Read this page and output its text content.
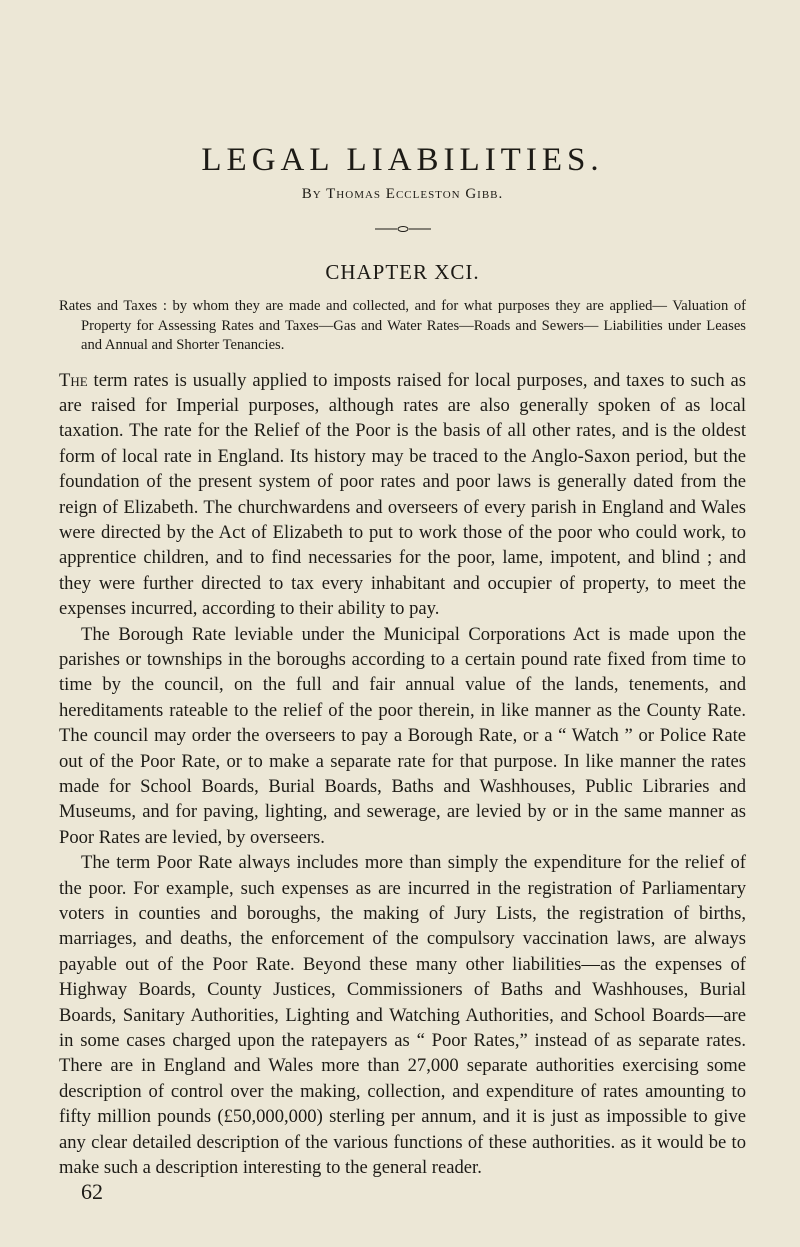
LEGAL LIABILITIES.
By Thomas Eccleston Gibb.
CHAPTER XCI.
Rates and Taxes : by whom they are made and collected, and for what purposes they are applied— Valuation of Property for Assessing Rates and Taxes—Gas and Water Rates—Roads and Sewers— Liabilities under Leases and Annual and Shorter Tenancies.

The term rates is usually applied to imposts raised for local purposes, and taxes to such as are raised for Imperial purposes, although rates are also generally spoken of as local taxation. The rate for the Relief of the Poor is the basis of all other rates, and is the oldest form of local rate in England. Its history may be traced to the Anglo-Saxon period, but the foundation of the present system of poor rates and poor laws is generally dated from the reign of Elizabeth. The churchwardens and overseers of every parish in England and Wales were directed by the Act of Elizabeth to put to work those of the poor who could work, to apprentice children, and to find necessaries for the poor, lame, impotent, and blind ; and they were further directed to tax every inhabitant and occupier of property, to meet the expenses incurred, according to their ability to pay.

The Borough Rate leviable under the Municipal Corporations Act is made upon the parishes or townships in the boroughs according to a certain pound rate fixed from time to time by the council, on the full and fair annual value of the lands, tenements, and hereditaments rateable to the relief of the poor therein, in like manner as the County Rate. The council may order the overseers to pay a Borough Rate, or a “ Watch ” or Police Rate out of the Poor Rate, or to make a separate rate for that purpose. In like manner the rates made for School Boards, Burial Boards, Baths and Washhouses, Public Libraries and Museums, and for paving, lighting, and sewerage, are levied by or in the same manner as Poor Rates are levied, by overseers.

The term Poor Rate always includes more than simply the expenditure for the relief of the poor. For example, such expenses as are incurred in the registration of Parliamentary voters in counties and boroughs, the making of Jury Lists, the registration of births, marriages, and deaths, the enforcement of the compulsory vaccination laws, are always payable out of the Poor Rate. Beyond these many other liabilities—as the expenses of Highway Boards, County Justices, Commissioners of Baths and Washhouses, Burial Boards, Sanitary Authorities, Lighting and Watching Authorities, and School Boards—are in some cases charged upon the ratepayers as “ Poor Rates,” instead of as separate rates. There are in England and Wales more than 27,000 separate authorities exercising some description of control over the making, collection, and expenditure of rates amounting to fifty million pounds (£50,000,000) sterling per annum, and it is just as impossible to give any clear detailed description of the various functions of these authorities. as it would be to make such a description interesting to the general reader.

62
